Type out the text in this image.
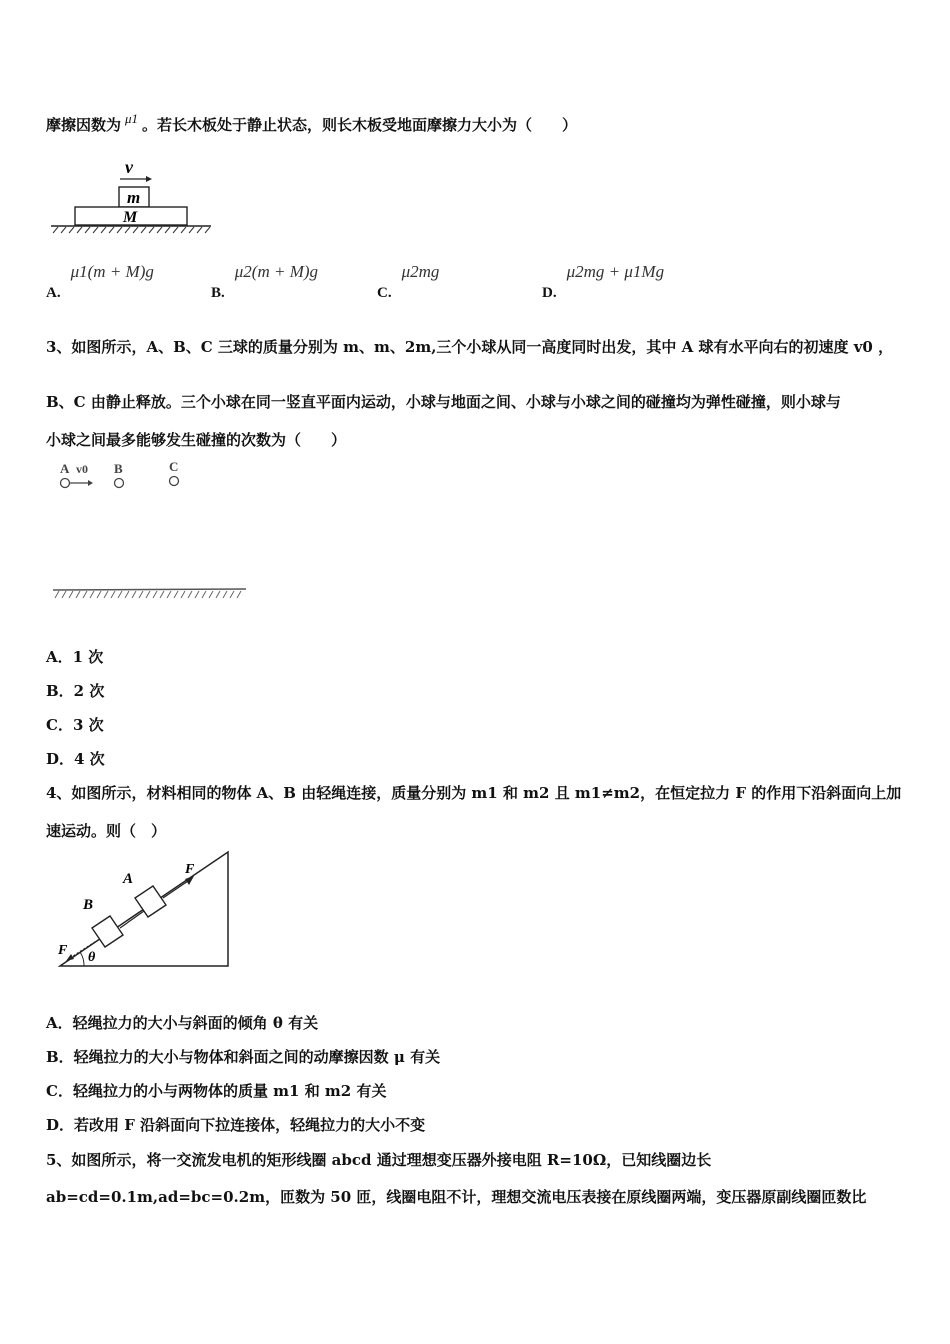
摩擦因数为 μ1 。若长木板处于静止状态，则长木板受地面摩擦力大小为（　　）
v
m
M
A.μ1(m + M)g
B.μ2(m + M)g
C.μ2mg
D.μ2mg + μ1Mg
3、如图所示，A、B、C 三球的质量分别为 m、m、2m,三个小球从同一高度同时出发，其中 A 球有水平向右的初速度 v0 ，
B、C 由静止释放。三个小球在同一竖直平面内运动，小球与地面之间、小球与小球之间的碰撞均为弹性碰撞，则小球与
小球之间最多能够发生碰撞的次数为（　　）
A v0 B	C
A．1 次
B．2 次
C．3 次
D．4 次
4、如图所示，材料相同的物体 A、B 由轻绳连接，质量分别为 m1 和 m2 且 m1≠m2，在恒定拉力 F 的作用下沿斜面向上加
速运动。则（　）
B
A
F
F θ
A．轻绳拉力的大小与斜面的倾角 θ 有关
B．轻绳拉力的大小与物体和斜面之间的动摩擦因数 μ 有关
C．轻绳拉力的小与两物体的质量 m1 和 m2 有关
D．若改用 F 沿斜面向下拉连接体，轻绳拉力的大小不变
5、如图所示，将一交流发电机的矩形线圈 abcd 通过理想变压器外接电阻 R=10Ω，已知线圈边长
ab=cd=0.1m,ad=bc=0.2m，匝数为 50 匝，线圈电阻不计，理想交流电压表接在原线圈两端，变压器原副线圈匝数比
